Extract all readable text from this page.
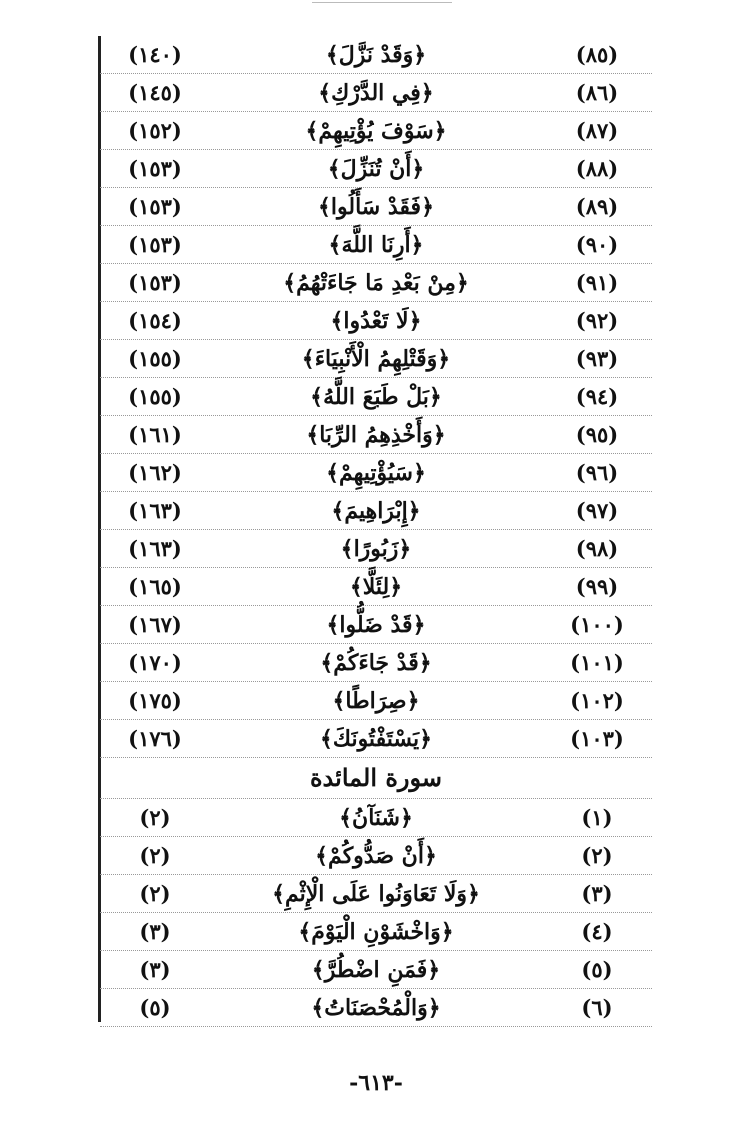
(٨٥)
﴿وَقَدْ نَزَّلَ﴾
(١٤٠)
(٨٦)
﴿فِي الدَّرْكِ﴾
(١٤٥)
(٨٧)
﴿سَوْفَ يُؤْتِيهِمْ﴾
(١٥٢)
(٨٨)
﴿أَنْ تُنَزِّلَ﴾
(١٥٣)
(٨٩)
﴿فَقَدْ سَأَلُوا﴾
(١٥٣)
(٩٠)
﴿أَرِنَا اللَّهَ﴾
(١٥٣)
(٩١)
﴿مِنْ بَعْدِ مَا جَاءَتْهُمُ﴾
(١٥٣)
(٩٢)
﴿لَا تَعْدُوا﴾
(١٥٤)
(٩٣)
﴿وَقَتْلِهِمُ الْأَنْبِيَاءَ﴾
(١٥٥)
(٩٤)
﴿بَلْ طَبَعَ اللَّهُ﴾
(١٥٥)
(٩٥)
﴿وَأَخْذِهِمُ الرِّبَا﴾
(١٦١)
(٩٦)
﴿سَيُؤْتِيهِمْ﴾
(١٦٢)
(٩٧)
﴿إِبْرَاهِيمَ﴾
(١٦٣)
(٩٨)
﴿زَبُورًا﴾
(١٦٣)
(٩٩)
﴿لِئَلَّا﴾
(١٦٥)
(١٠٠)
﴿قَدْ ضَلُّوا﴾
(١٦٧)
(١٠١)
﴿قَدْ جَاءَكُمْ﴾
(١٧٠)
(١٠٢)
﴿صِرَاطًا﴾
(١٧٥)
(١٠٣)
﴿يَسْتَفْتُونَكَ﴾
(١٧٦)
سورة المائدة
(١)
﴿شَنَآنُ﴾
(٢)
(٢)
﴿أَنْ صَدُّوكُمْ﴾
(٢)
(٣)
﴿وَلَا تَعَاوَنُوا عَلَى الْإِثْمِ﴾
(٢)
(٤)
﴿وَاخْشَوْنِ الْيَوْمَ﴾
(٣)
(٥)
﴿فَمَنِ اضْطُرَّ﴾
(٣)
(٦)
﴿وَالْمُحْصَنَاتُ﴾
(٥)
-٦١٣-
